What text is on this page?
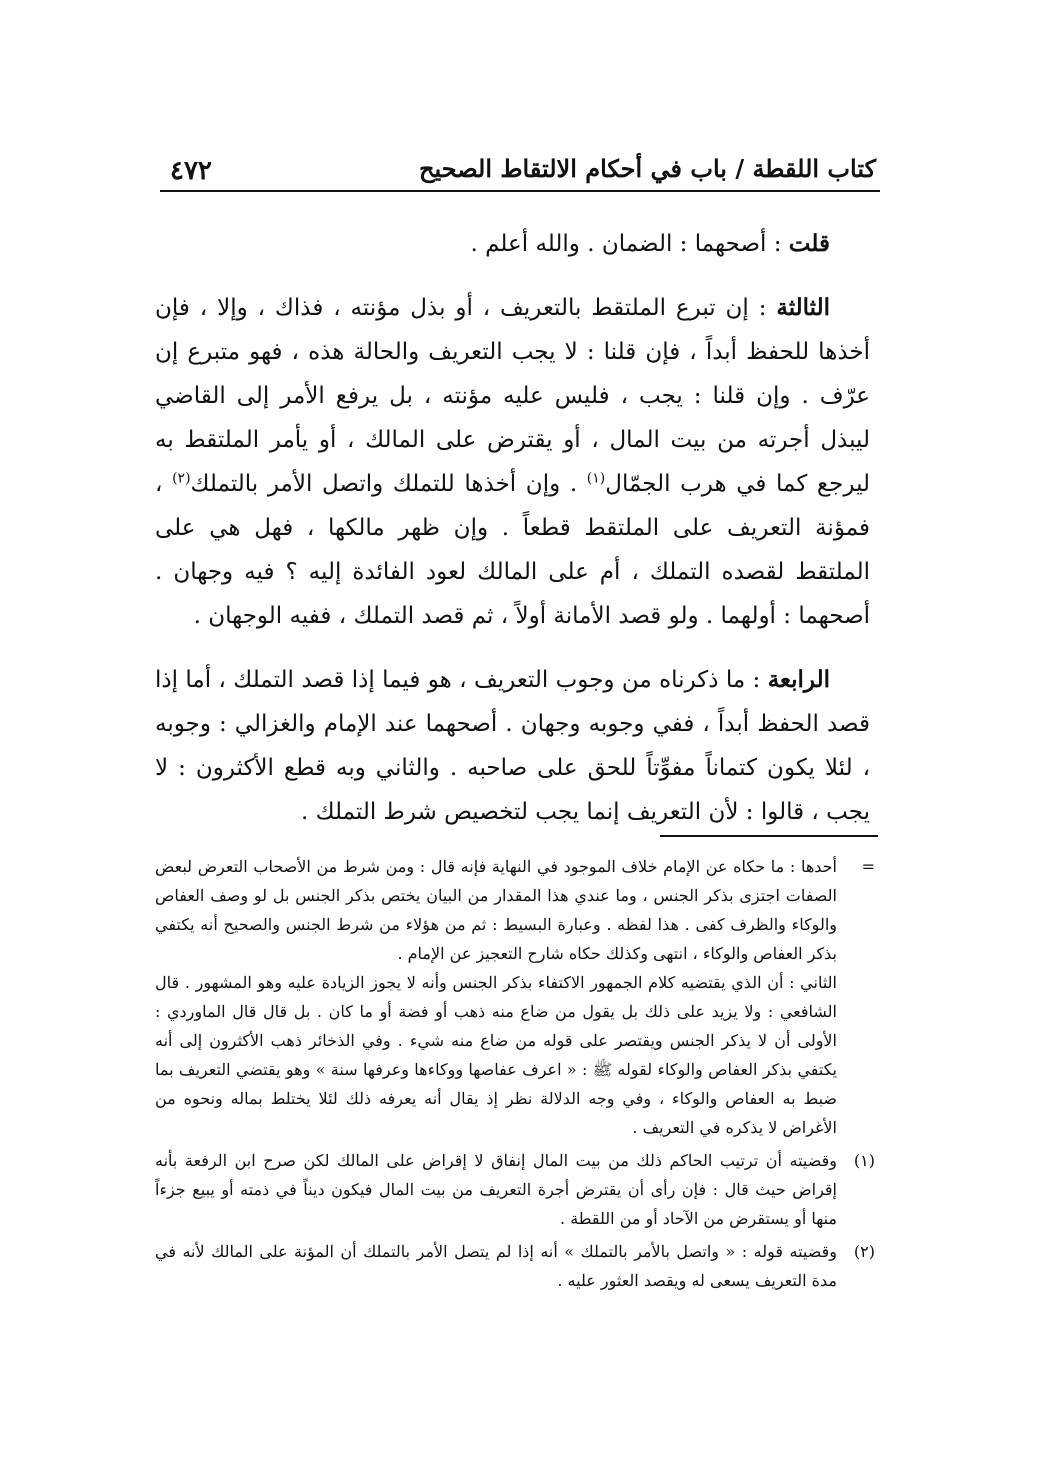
٤٧٢	كتاب اللقطة / باب في أحكام الالتقاط الصحيح

قلت : أصحهما : الضمان . والله أعلم .

الثالثة : إن تبرع الملتقط بالتعريف ، أو بذل مؤنته ، فذاك ، وإلا ، فإن أخذها للحفظ أبداً ، فإن قلنا : لا يجب التعريف والحالة هذه ، فهو متبرع إن عرّف . وإن قلنا : يجب ، فليس عليه مؤنته ، بل يرفع الأمر إلى القاضي ليبذل أجرته من بيت المال ، أو يقترض على المالك ، أو يأمر الملتقط به ليرجع كما في هرب الجمّال$^{(١)}$ . وإن أخذها للتملك واتصل الأمر بالتملك$^{(٢)}$ ، فمؤنة التعريف على الملتقط قطعاً . وإن ظهر مالكها ، فهل هي على الملتقط لقصده التملك ، أم على المالك لعود الفائدة إليه ؟ فيه وجهان . أصحهما : أولهما . ولو قصد الأمانة أولاً ، ثم قصد التملك ، ففيه الوجهان .

الرابعة : ما ذكرناه من وجوب التعريف ، هو فيما إذا قصد التملك ، أما إذا قصد الحفظ أبداً ، ففي وجوبه وجهان . أصحهما عند الإمام والغزالي : وجوبه ، لئلا يكون كتماناً مفوِّتاً للحق على صاحبه . والثاني وبه قطع الأكثرون : لا يجب ، قالوا : لأن التعريف إنما يجب لتخصيص شرط التملك .

=

أحدها : ما حكاه عن الإمام خلاف الموجود في النهاية فإنه قال : ومن شرط من الأصحاب التعرض لبعض الصفات اجتزى بذكر الجنس ، وما عندي هذا المقدار من البيان يختص بذكر الجنس بل لو وصف العفاص والوكاء والظرف كفى . هذا لفظه . وعبارة البسيط : ثم من هؤلاء من شرط الجنس والصحيح أنه يكتفي بذكر العفاص والوكاء ، انتهى وكذلك حكاه شارح التعجيز عن الإمام .

الثاني : أن الذي يقتضيه كلام الجمهور الاكتفاء بذكر الجنس وأنه لا يجوز الزيادة عليه وهو المشهور . قال الشافعي : ولا يزيد على ذلك بل يقول من ضاع منه ذهب أو فضة أو ما كان . بل قال قال الماوردي : الأولى أن لا يذكر الجنس ويقتصر على قوله من ضاع منه شيء . وفي الذخائر ذهب الأكثرون إلى أنه يكتفي بذكر العفاص والوكاء لقوله ﷺ : « اعرف عفاصها ووكاءها وعرفها سنة » وهو يقتضي التعريف بما ضبط به العفاص والوكاء ، وفي وجه الدلالة نظر إذ يقال أنه يعرفه ذلك لئلا يختلط بماله ونحوه من الأغراض لا يذكره في التعريف .

(١)

وقضيته أن ترتيب الحاكم ذلك من بيت المال إنفاق لا إقراض على المالك لكن صرح ابن الرفعة بأنه إقراض حيث قال : فإن رأى أن يقترض أجرة التعريف من بيت المال فيكون ديناً في ذمته أو يبيع جزءاً منها أو يستقرض من الآحاد أو من اللقطة .

(٢)

وقضيته قوله : « واتصل بالأمر بالتملك » أنه إذا لم يتصل الأمر بالتملك أن المؤنة على المالك لأنه في مدة التعريف يسعى له ويقصد العثور عليه .
